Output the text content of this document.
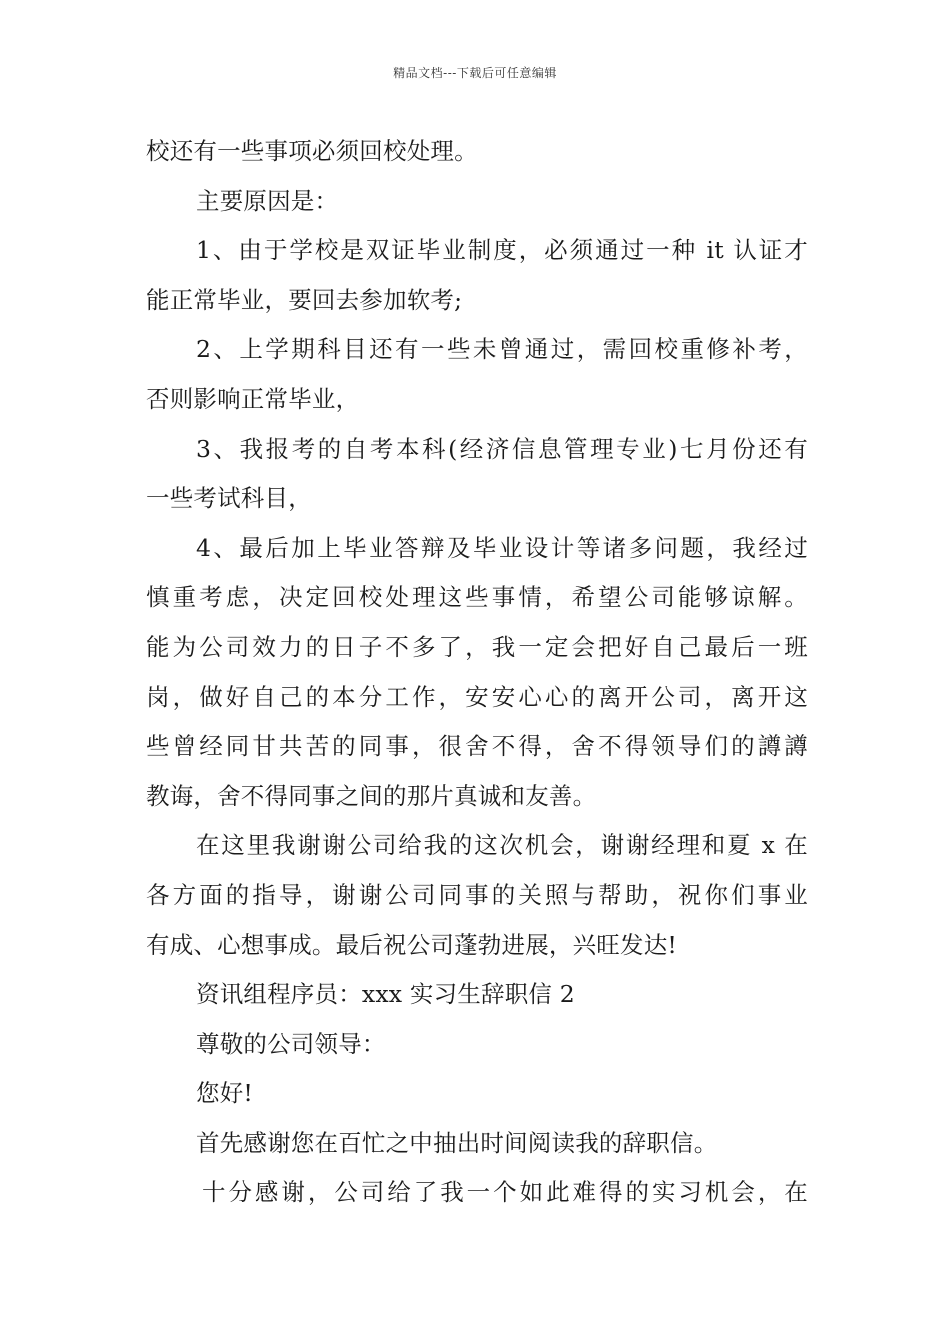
精品文档---下载后可任意编辑
校还有一些事项必须回校处理。
主要原因是：
1、由于学校是双证毕业制度，必须通过一种 it 认证才
能正常毕业，要回去参加软考;
2、上学期科目还有一些未曾通过，需回校重修补考，
否则影响正常毕业，
3、我报考的自考本科(经济信息管理专业)七月份还有
一些考试科目，
4、最后加上毕业答辩及毕业设计等诸多问题，我经过
慎重考虑，决定回校处理这些事情，希望公司能够谅解。
能为公司效力的日子不多了，我一定会把好自己最后一班
岗，做好自己的本分工作，安安心心的离开公司，离开这
些曾经同甘共苦的同事，很舍不得，舍不得领导们的譐譐
教诲，舍不得同事之间的那片真诚和友善。
在这里我谢谢公司给我的这次机会，谢谢经理和夏 x 在
各方面的指导，谢谢公司同事的关照与帮助，祝你们事业
有成、心想事成。最后祝公司蓬勃进展，兴旺发达!
资讯组程序员：xxx 实习生辞职信 2
尊敬的公司领导：
您好!
首先感谢您在百忙之中抽出时间阅读我的辞职信。
十分感谢，公司给了我一个如此难得的实习机会，在
